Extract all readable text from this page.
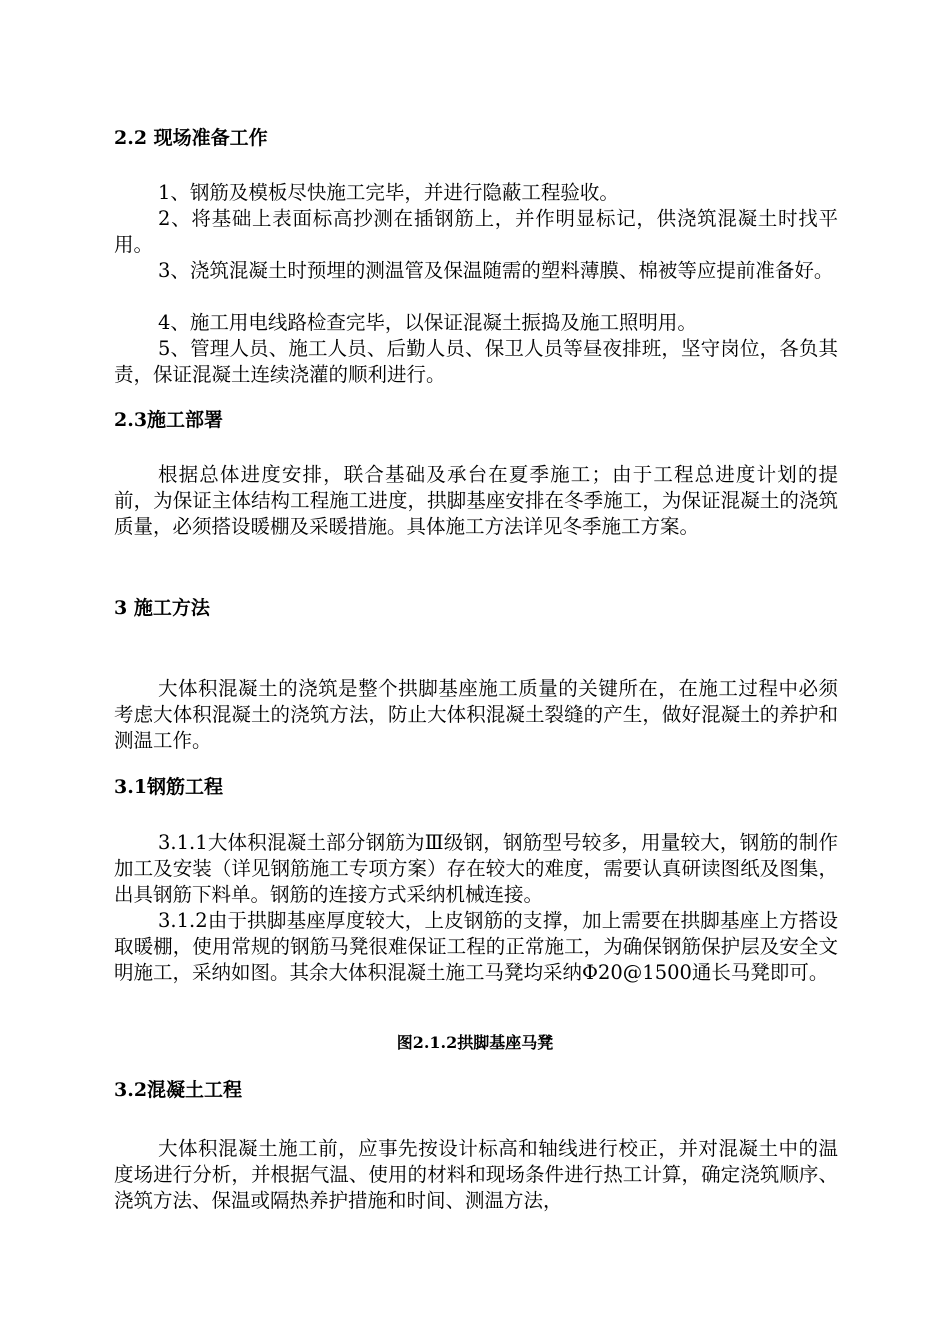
2.2 现场准备工作
1、钢筋及模板尽快施工完毕，并进行隐蔽工程验收。
2、将基础上表面标高抄测在插钢筋上，并作明显标记，供浇筑混凝土时找平用。
3、浇筑混凝土时预埋的测温管及保温随需的塑料薄膜、棉被等应提前准备好。
4、施工用电线路检查完毕，以保证混凝土振捣及施工照明用。
5、管理人员、施工人员、后勤人员、保卫人员等昼夜排班，坚守岗位，各负其责，保证混凝土连续浇灌的顺利进行。
2.3施工部署
根据总体进度安排，联合基础及承台在夏季施工；由于工程总进度计划的提前，为保证主体结构工程施工进度，拱脚基座安排在冬季施工，为保证混凝土的浇筑质量，必须搭设暖棚及采暖措施。具体施工方法详见冬季施工方案。
3 施工方法
大体积混凝土的浇筑是整个拱脚基座施工质量的关键所在，在施工过程中必须考虑大体积混凝土的浇筑方法，防止大体积混凝土裂缝的产生，做好混凝土的养护和测温工作。
3.1钢筋工程
3.1.1大体积混凝土部分钢筋为Ⅲ级钢，钢筋型号较多，用量较大，钢筋的制作加工及安装（详见钢筋施工专项方案）存在较大的难度，需要认真研读图纸及图集，出具钢筋下料单。钢筋的连接方式采纳机械连接。
3.1.2由于拱脚基座厚度较大，上皮钢筋的支撑，加上需要在拱脚基座上方搭设取暖棚，使用常规的钢筋马凳很难保证工程的正常施工，为确保钢筋保护层及安全文明施工，采纳如图。其余大体积混凝土施工马凳均采纳Φ20@1500通长马凳即可。
图2.1.2拱脚基座马凳
3.2混凝土工程
大体积混凝土施工前，应事先按设计标高和轴线进行校正，并对混凝土中的温度场进行分析，并根据气温、使用的材料和现场条件进行热工计算，确定浇筑顺序、浇筑方法、保温或隔热养护措施和时间、测温方法，
